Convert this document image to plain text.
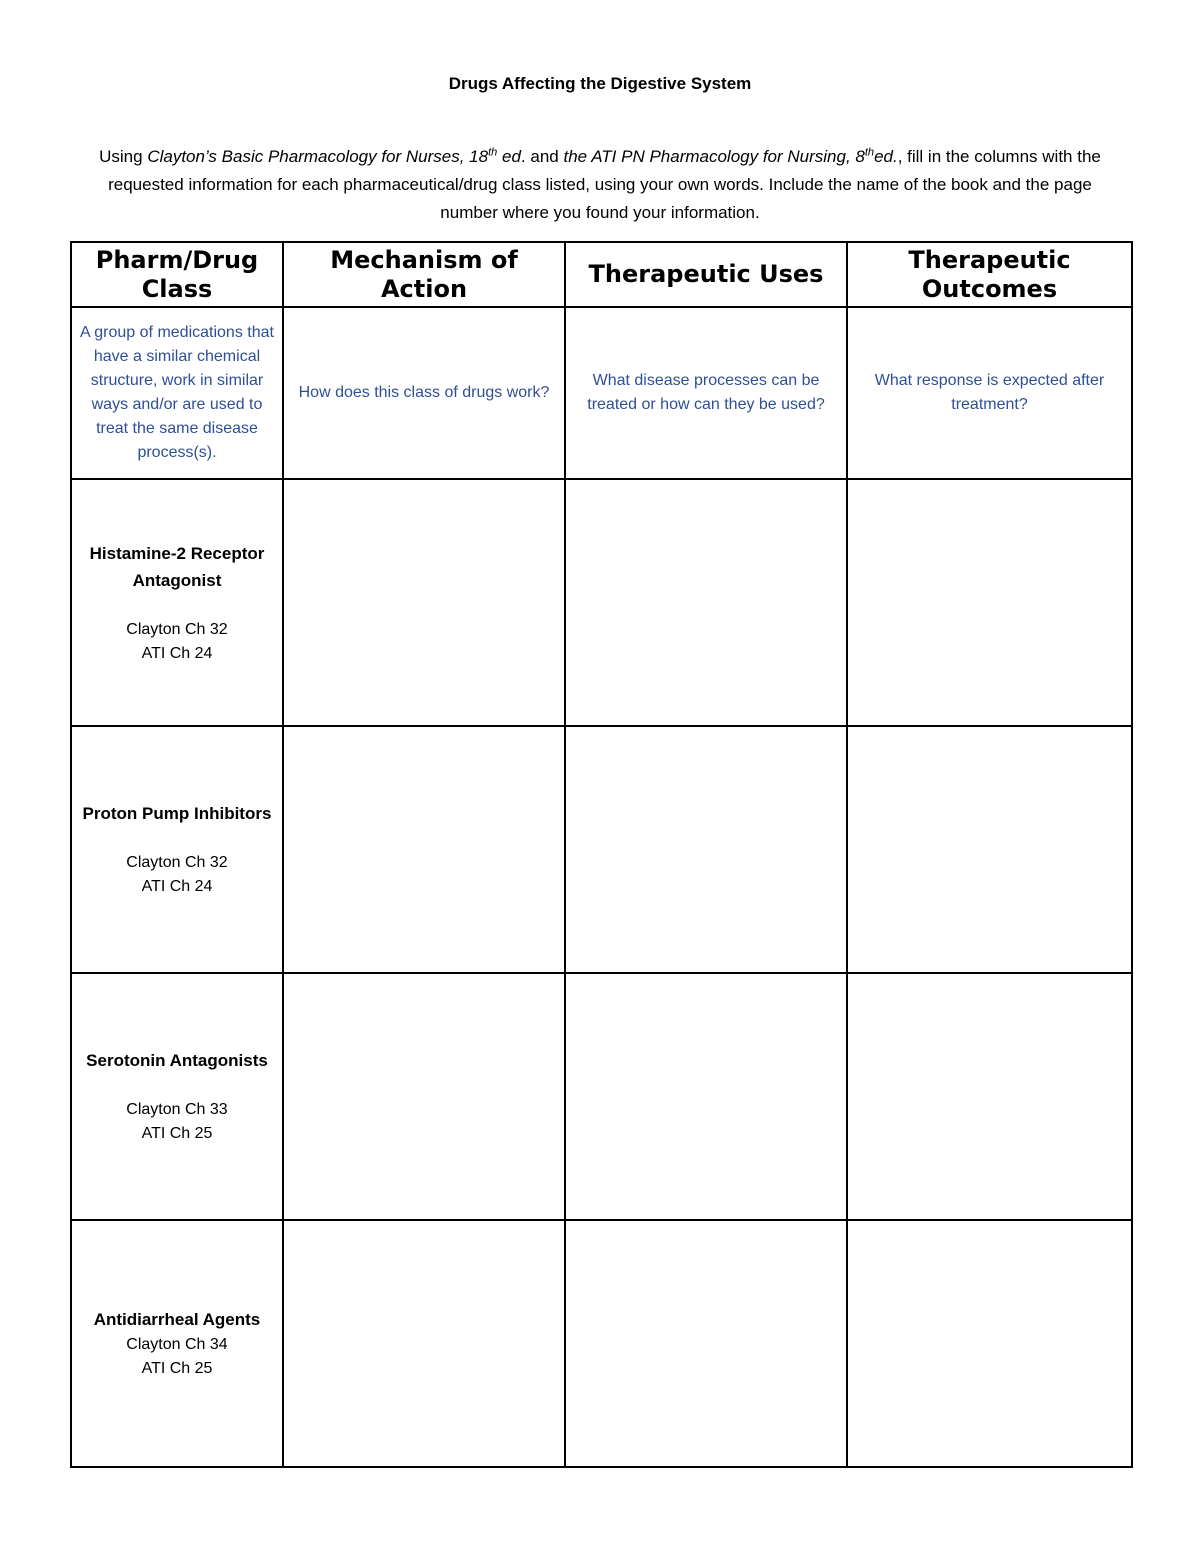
Drugs Affecting the Digestive System
Using Clayton’s Basic Pharmacology for Nurses, 18th ed. and the ATI PN Pharmacology for Nursing, 8thed., fill in the columns with the requested information for each pharmaceutical/drug class listed, using your own words. Include the name of the book and the page number where you found your information.
Pharm/Drug Class	Mechanism of Action	Therapeutic Uses	Therapeutic Outcomes
A group of medications that have a similar chemical structure, work in similar ways and/or are used to treat the same disease process(s).	How does this class of drugs work?	What disease processes can be treated or how can they be used?	What response is expected after treatment?

Histamine-2 Receptor Antagonist
Clayton Ch 32
ATI Ch 24			

Proton Pump Inhibitors
Clayton Ch 32
ATI Ch 24			

Serotonin Antagonists
Clayton Ch 33
ATI Ch 25			

Antidiarrheal Agents
Clayton Ch 34
ATI Ch 25			
